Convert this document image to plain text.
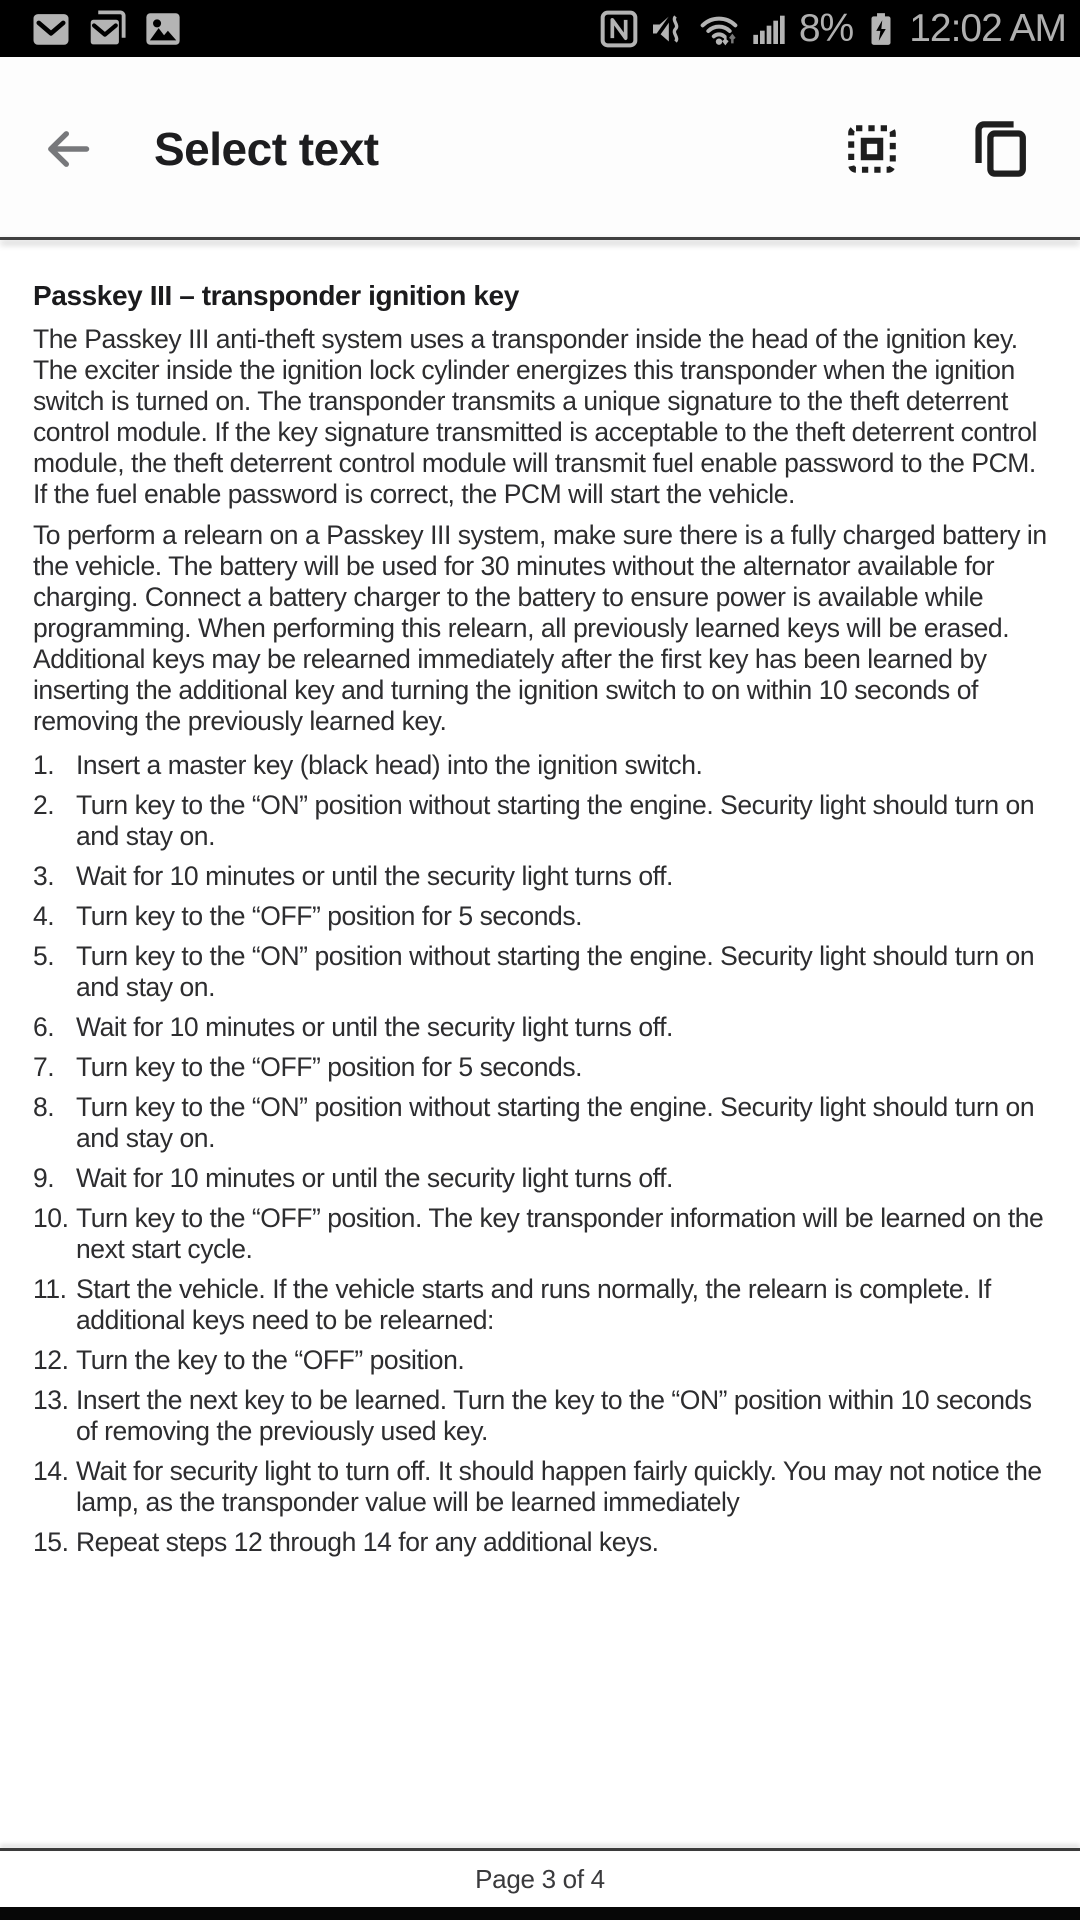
8% 12:02 AM
Select text
Passkey III – transponder ignition key

The Passkey III anti-theft system uses a transponder inside the head of the ignition key. The exciter inside the ignition lock cylinder energizes this transponder when the ignition switch is turned on. The transponder transmits a unique signature to the theft deterrent control module. If the key signature transmitted is acceptable to the theft deterrent control module, the theft deterrent control module will transmit fuel enable password to the PCM. If the fuel enable password is correct, the PCM will start the vehicle.

To perform a relearn on a Passkey III system, make sure there is a fully charged battery in the vehicle. The battery will be used for 30 minutes without the alternator available for charging. Connect a battery charger to the battery to ensure power is available while programming. When performing this relearn, all previously learned keys will be erased. Additional keys may be relearned immediately after the first key has been learned by inserting the additional key and turning the ignition switch to on within 10 seconds of removing the previously learned key.

Insert a master key (black head) into the ignition switch.
Turn key to the “ON” position without starting the engine. Security light should turn on and stay on.
Wait for 10 minutes or until the security light turns off.
Turn key to the “OFF” position for 5 seconds.
Turn key to the “ON” position without starting the engine. Security light should turn on and stay on.
Wait for 10 minutes or until the security light turns off.
Turn key to the “OFF” position for 5 seconds.
Turn key to the “ON” position without starting the engine. Security light should turn on and stay on.
Wait for 10 minutes or until the security light turns off.
Turn key to the “OFF” position. The key transponder information will be learned on the next start cycle.
Start the vehicle. If the vehicle starts and runs normally, the relearn is complete. If additional keys need to be relearned:
Turn the key to the “OFF” position.
Insert the next key to be learned. Turn the key to the “ON” position within 10 seconds of removing the previously used key.
Wait for security light to turn off. It should happen fairly quickly. You may not notice the lamp, as the transponder value will be learned immediately
Repeat steps 12 through 14 for any additional keys.
Page 3 of 4
